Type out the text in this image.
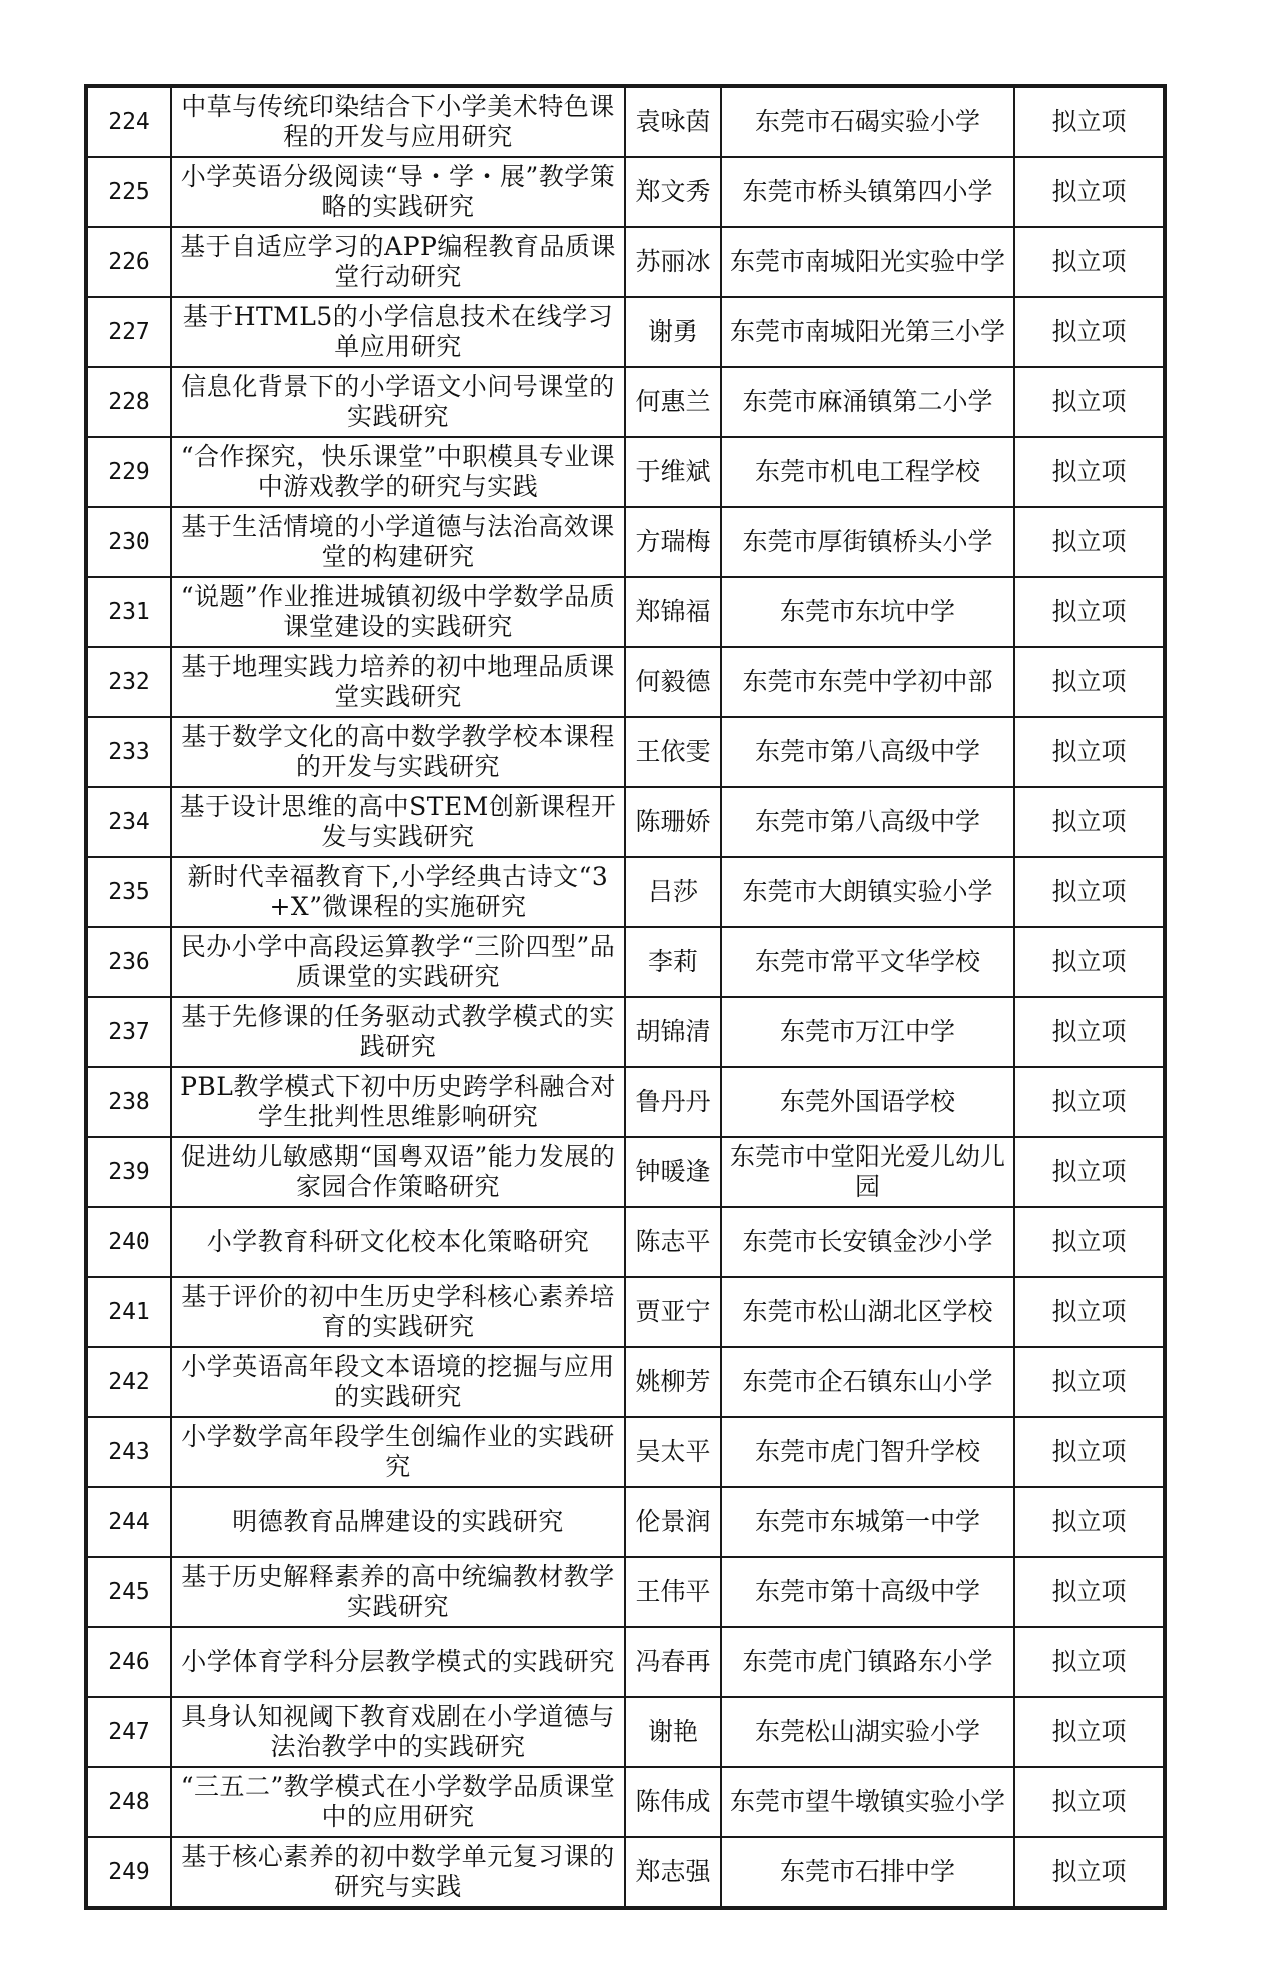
224	中草与传统印染结合下小学美术特色课程的开发与应用研究	袁咏茵	东莞市石碣实验小学	拟立项
225	小学英语分级阅读“导・学・展”教学策略的实践研究	郑文秀	东莞市桥头镇第四小学	拟立项
226	基于自适应学习的APP编程教育品质课堂行动研究	苏丽冰	东莞市南城阳光实验中学	拟立项
227	基于HTML5的小学信息技术在线学习单应用研究	谢勇	东莞市南城阳光第三小学	拟立项
228	信息化背景下的小学语文小问号课堂的实践研究	何惠兰	东莞市麻涌镇第二小学	拟立项
229	“合作探究，快乐课堂”中职模具专业课中游戏教学的研究与实践	于维斌	东莞市机电工程学校	拟立项
230	基于生活情境的小学道德与法治高效课堂的构建研究	方瑞梅	东莞市厚街镇桥头小学	拟立项
231	“说题”作业推进城镇初级中学数学品质课堂建设的实践研究	郑锦福	东莞市东坑中学	拟立项
232	基于地理实践力培养的初中地理品质课堂实践研究	何毅德	东莞市东莞中学初中部	拟立项
233	基于数学文化的高中数学教学校本课程的开发与实践研究	王依雯	东莞市第八高级中学	拟立项
234	基于设计思维的高中STEM创新课程开发与实践研究	陈珊娇	东莞市第八高级中学	拟立项
235	新时代幸福教育下,小学经典古诗文“3+X”微课程的实施研究	吕莎	东莞市大朗镇实验小学	拟立项
236	民办小学中高段运算教学“三阶四型”品质课堂的实践研究	李莉	东莞市常平文华学校	拟立项
237	基于先修课的任务驱动式教学模式的实践研究	胡锦清	东莞市万江中学	拟立项
238	PBL教学模式下初中历史跨学科融合对学生批判性思维影响研究	鲁丹丹	东莞外国语学校	拟立项
239	促进幼儿敏感期“国粤双语”能力发展的家园合作策略研究	钟暖逢	东莞市中堂阳光爱儿幼儿园	拟立项
240	小学教育科研文化校本化策略研究	陈志平	东莞市长安镇金沙小学	拟立项
241	基于评价的初中生历史学科核心素养培育的实践研究	贾亚宁	东莞市松山湖北区学校	拟立项
242	小学英语高年段文本语境的挖掘与应用的实践研究	姚柳芳	东莞市企石镇东山小学	拟立项
243	小学数学高年段学生创编作业的实践研究	吴太平	东莞市虎门智升学校	拟立项
244	明德教育品牌建设的实践研究	伦景润	东莞市东城第一中学	拟立项
245	基于历史解释素养的高中统编教材教学实践研究	王伟平	东莞市第十高级中学	拟立项
246	小学体育学科分层教学模式的实践研究	冯春再	东莞市虎门镇路东小学	拟立项
247	具身认知视阈下教育戏剧在小学道德与法治教学中的实践研究	谢艳	东莞松山湖实验小学	拟立项
248	“三五二”教学模式在小学数学品质课堂中的应用研究	陈伟成	东莞市望牛墩镇实验小学	拟立项
249	基于核心素养的初中数学单元复习课的研究与实践	郑志强	东莞市石排中学	拟立项
